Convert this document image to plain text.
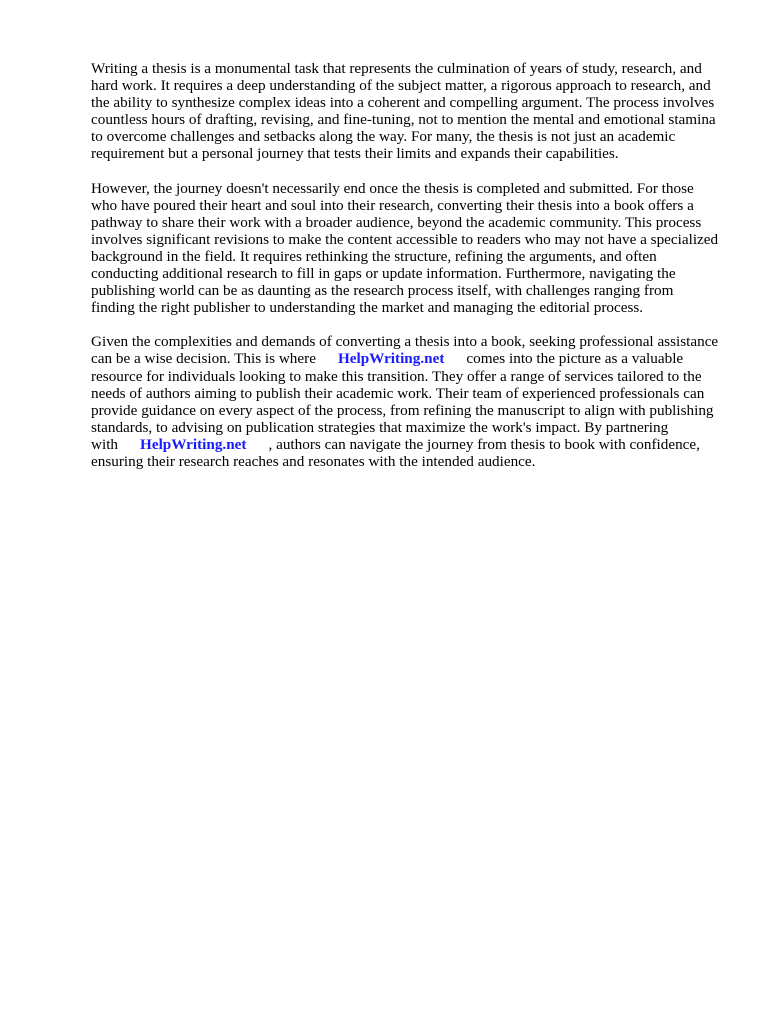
Writing a thesis is a monumental task that represents the culmination of years of study, research, and hard work. It requires a deep understanding of the subject matter, a rigorous approach to research, and the ability to synthesize complex ideas into a coherent and compelling argument. The process involves countless hours of drafting, revising, and fine-tuning, not to mention the mental and emotional stamina to overcome challenges and setbacks along the way. For many, the thesis is not just an academic requirement but a personal journey that tests their limits and expands their capabilities.

However, the journey doesn't necessarily end once the thesis is completed and submitted. For those who have poured their heart and soul into their research, converting their thesis into a book offers a pathway to share their work with a broader audience, beyond the academic community. This process involves significant revisions to make the content accessible to readers who may not have a specialized background in the field. It requires rethinking the structure, refining the arguments, and often conducting additional research to fill in gaps or update information. Furthermore, navigating the publishing world can be as daunting as the research process itself, with challenges ranging from finding the right publisher to understanding the market and managing the editorial process.

Given the complexities and demands of converting a thesis into a book, seeking professional assistance can be a wise decision. This is where HelpWriting.net comes into the picture as a valuable resource for individuals looking to make this transition. They offer a range of services tailored to the needs of authors aiming to publish their academic work. Their team of experienced professionals can provide guidance on every aspect of the process, from refining the manuscript to align with publishing standards, to advising on publication strategies that maximize the work's impact. By partnering with HelpWriting.net , authors can navigate the journey from thesis to book with confidence, ensuring their research reaches and resonates with the intended audience.
